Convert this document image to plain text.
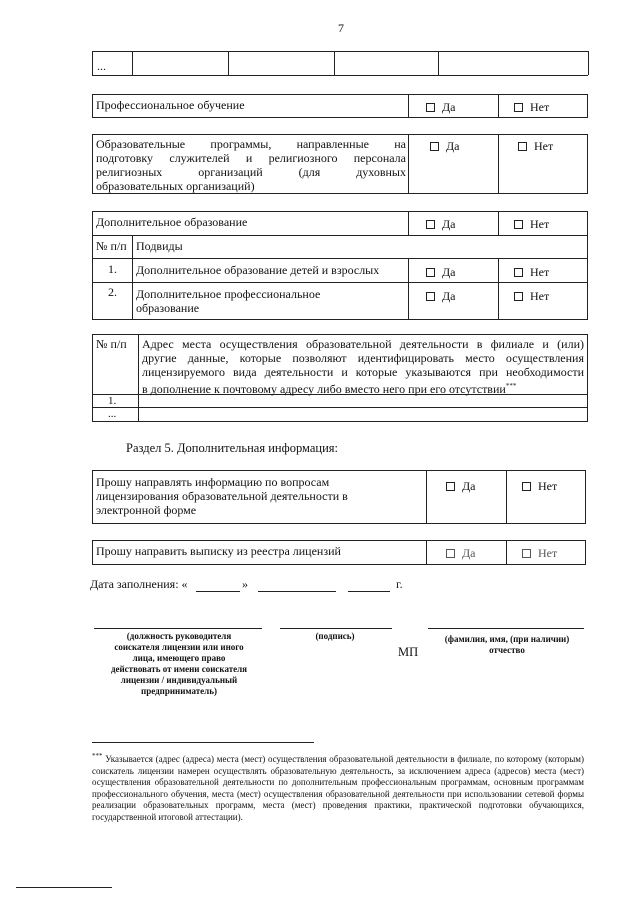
7
...
Профессиональное обучение	Да	Нет
Образовательные программы, направленные на
подготовку служителей и религиозного персонала
религиозных организаций (для духовных
образовательных организаций)
Да	Нет
Дополнительное образование	Да	Нет
№ п/п Подвиды
1. Дополнительное образование детей и взрослых	Да	Нет
2. Дополнительное профессиональное
образование
Да	Нет
№ п/п Адрес места осуществления образовательной деятельности в филиале и (или)
другие данные, которые позволяют идентифицировать место осуществления
лицензируемого вида деятельности и которые указываются при необходимости
в дополнение к почтовому адресу либо вместо него при его отсутствии***
1.
...
Раздел 5. Дополнительная информация:
Прошу направлять информацию по вопросам
лицензирования образовательной деятельности в
электронной форме
Да	Нет
Прошу направить выписку из реестра лицензий	Да	Нет
Дата заполнения: «	»	г.
(должность руководителя
соискателя лицензии или иного
лица, имеющего право
действовать от имени соискателя
лицензии / индивидуальный
предприниматель)
(подпись)	(фамилия, имя, (при наличии)
отчество
МП
*** Указывается (адрес (адреса) места (мест) осуществления образовательной деятельности в филиале, по которому (которым) соискатель лицензии намерен осуществлять образовательную деятельность, за исключением адреса (адресов) места (мест) осуществления образовательной деятельности по дополнительным профессиональным программам, основным программам профессионального обучения, места (мест) осуществления образовательной деятельности при использовании сетевой формы реализации образовательных программ, места (мест) проведения практики, практической подготовки обучающихся, государственной итоговой аттестации).
